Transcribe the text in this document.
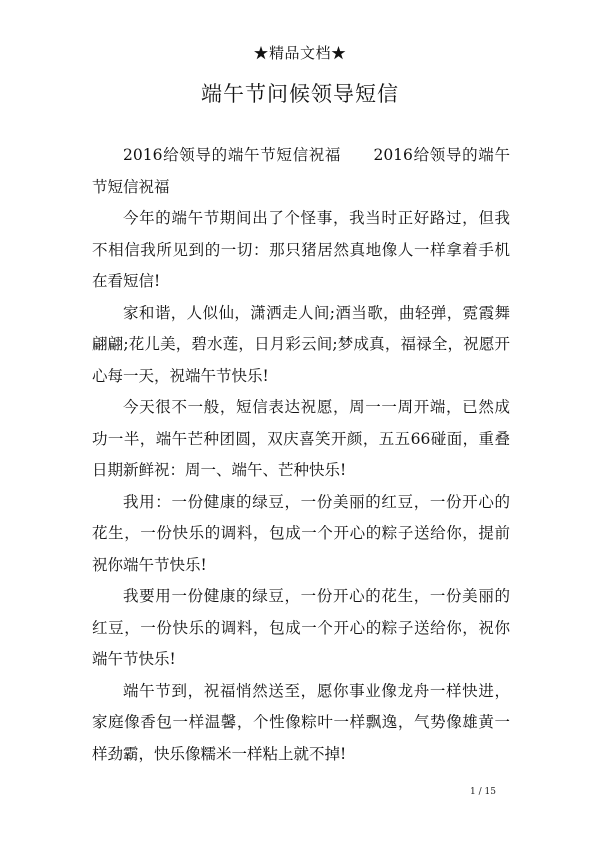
★精品文档★
端午节问候领导短信

2016给领导的端午节短信祝福　　2016给领导的端午节短信祝福

今年的端午节期间出了个怪事，我当时正好路过，但我不相信我所见到的一切：那只猪居然真地像人一样拿着手机在看短信!

家和谐，人似仙，潇洒走人间;酒当歌，曲轻弹，霓霞舞翩翩;花儿美，碧水莲，日月彩云间;梦成真，福禄全，祝愿开心每一天，祝端午节快乐!

今天很不一般，短信表达祝愿，周一一周开端，已然成功一半，端午芒种团圆，双庆喜笑开颜，五五66碰面，重叠日期新鲜祝：周一、端午、芒种快乐!

我用：一份健康的绿豆，一份美丽的红豆，一份开心的花生，一份快乐的调料，包成一个开心的粽子送给你，提前祝你端午节快乐!

我要用一份健康的绿豆，一份开心的花生，一份美丽的红豆，一份快乐的调料，包成一个开心的粽子送给你，祝你端午节快乐!

端午节到，祝福悄然送至，愿你事业像龙舟一样快进，家庭像香包一样温馨，个性像粽叶一样飘逸，气势像雄黄一样劲霸，快乐像糯米一样粘上就不掉!

1 / 15
